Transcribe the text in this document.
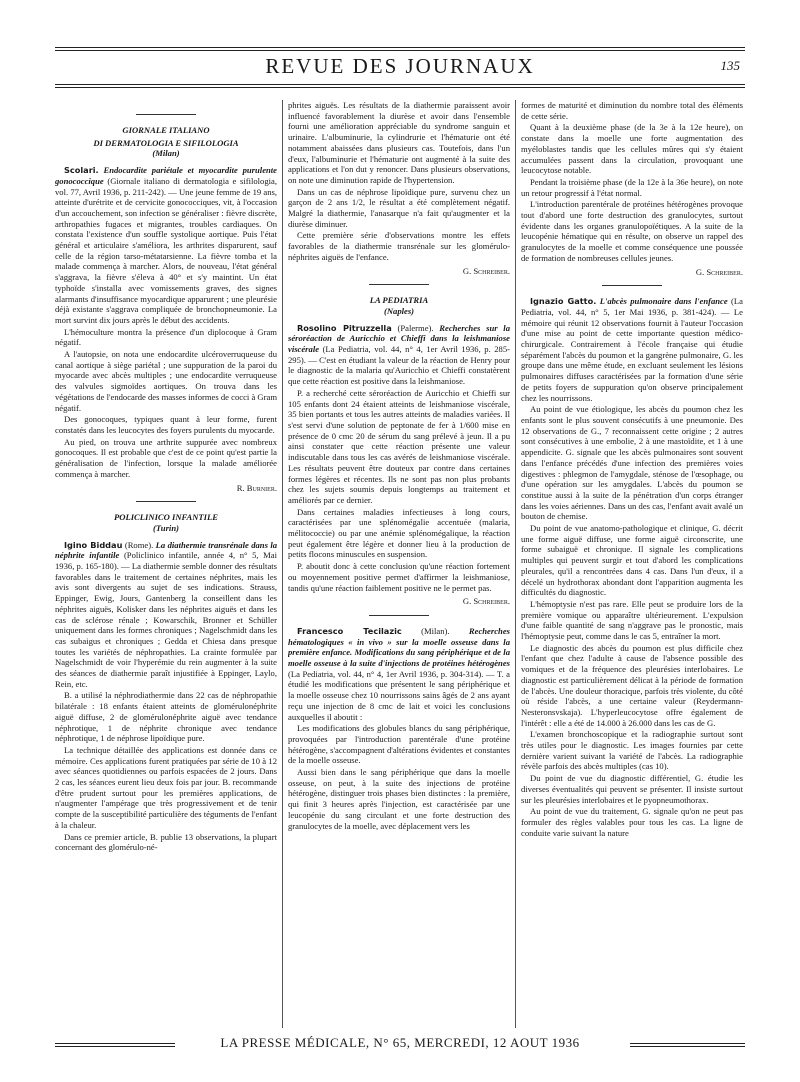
REVUE DES JOURNAUX	135

GIORNALE ITALIANO

DI DERMATOLOGIA E SIFILOLOGIA

(Milan)

Scolari. Endocardite pariétale et myocardite purulente gonococcique (Giornale italiano di dermatologia e sifilologia, vol. 77, Avril 1936, p. 211-242). — Une jeune femme de 19 ans, atteinte d'urétrite et de cervicite gonococciques, vit, à l'occasion d'un accouchement, son infection se généraliser : fièvre discrète, arthropathies fugaces et migrantes, troubles cardiaques. On constata l'existence d'un souffle systolique aortique. Puis l'état général et articulaire s'améliora, les arthrites disparurent, sauf celle de la région tarso-métatarsienne. La fièvre tomba et la malade commença à marcher. Alors, de nouveau, l'état général s'aggrava, la fièvre s'éleva à 40° et s'y maintint. Un état typhoïde s'installa avec vomissements graves, des signes alarmants d'insuffisance myocardique apparurent ; une pleurésie déjà existante s'aggrava compliquée de bronchopneumonie. La mort survint dix jours après le début des accidents.

L'hémoculture montra la présence d'un diplocoque à Gram négatif.

A l'autopsie, on nota une endocardite ulcéroverruqueuse du canal aortique à siège pariétal ; une suppuration de la paroi du myocarde avec abcès multiples ; une endocardite verruqueuse des valvules sigmoïdes aortiques. On trouva dans les végétations de l'endocarde des masses informes de cocci à Gram négatif.

Des gonocoques, typiques quant à leur forme, furent constatés dans les leucocytes des foyers purulents du myocarde.

Au pied, on trouva une arthrite suppurée avec nombreux gonocoques. Il est probable que c'est de ce point qu'est partie la généralisation de l'infection, lorsque la malade améliorée commença à marcher.

R. Burnier.

POLICLINICO INFANTILE

(Turin)

Igino Biddau (Rome). La diathermie transrénale dans la néphrite infantile (Policlinico infantile, année 4, n° 5, Mai 1936, p. 165-180). — La diathermie semble donner des résultats favorables dans le traitement de certaines néphrites, mais les avis sont divergents au sujet de ses indications. Strauss, Eppinger, Ewig, Jours, Gantenberg la conseillent dans les néphrites aiguës, Kolisker dans les néphrites aiguës et dans les cas de sclérose rénale ; Kowarschik, Bronner et Schüller uniquement dans les formes chroniques ; Nagelschmidt dans les cas subaigus et chroniques ; Gedda et Chiesa dans presque toutes les variétés de néphropathies. La crainte formulée par Nagelschmidt de voir l'hyperémie du rein augmenter à la suite des séances de diathermie paraît injustifiée à Eppinger, Laylo, Rein, etc.

B. a utilisé la néphrodiathermie dans 22 cas de néphropathie bilatérale : 18 enfants étaient atteints de glomérulonéphrite aiguë diffuse, 2 de glomérulonéphrite aiguë avec tendance néphrotique, 1 de néphrite chronique avec tendance néphrotique, 1 de néphrose lipoïdique pure.

La technique détaillée des applications est donnée dans ce mémoire. Ces applications furent pratiquées par série de 10 à 12 avec séances quotidiennes ou parfois espacées de 2 jours. Dans 2 cas, les séances eurent lieu deux fois par jour. B. recommande d'être prudent surtout pour les premières applications, de n'augmenter l'ampérage que très progressivement et de tenir compte de la susceptibilité particulière des téguments de l'enfant à la chaleur.

Dans ce premier article, B. publie 13 observations, la plupart concernant des glomérulo-né-

phrites aiguës. Les résultats de la diathermie paraissent avoir influencé favorablement la diurèse et avoir dans l'ensemble fourni une amélioration appréciable du syndrome sanguin et urinaire. L'albuminurie, la cylindrurie et l'hématurie ont été notamment abaissées dans plusieurs cas. Toutefois, dans l'un d'eux, l'albuminurie et l'hématurie ont augmenté à la suite des applications et l'on dut y renoncer. Dans plusieurs observations, on note une diminution rapide de l'hypertension.

Dans un cas de néphrose lipoïdique pure, survenu chez un garçon de 2 ans 1/2, le résultat a été complètement négatif. Malgré la diathermie, l'anasarque n'a fait qu'augmenter et la diurèse diminuer.

Cette première série d'observations montre les effets favorables de la diathermie transrénale sur les glomérulo-néphrites aiguës de l'enfance.

G. Schreiber.

LA PEDIATRIA

(Naples)

Rosolino Pitruzzella (Palerme). Recherches sur la séroréaction de Auricchio et Chieffi dans la leishmaniose viscérale (La Pediatria, vol. 44, n° 4, 1er Avril 1936, p. 285-295). — C'est en étudiant la valeur de la réaction de Henry pour le diagnostic de la malaria qu'Auricchio et Chieffi constatèrent que cette réaction est positive dans la leishmaniose.

P. a recherché cette séroréaction de Auricchio et Chieffi sur 105 enfants dont 24 étaient atteints de leishmaniose viscérale, 35 bien portants et tous les autres atteints de maladies variées. Il s'est servi d'une solution de peptonate de fer à 1/600 mise en présence de 0 cmc 20 de sérum du sang prélevé à jeun. Il a pu ainsi constater que cette réaction présente une valeur indiscutable dans tous les cas avérés de leishmaniose viscérale. Les résultats peuvent être douteux par contre dans certaines formes légères et récentes. Ils ne sont pas non plus probants chez les sujets soumis depuis longtemps au traitement et améliorés par ce dernier.

Dans certaines maladies infectieuses à long cours, caractérisées par une splénomégalie accentuée (malaria, mélitococcie) ou par une anémie splénomégalique, la réaction peut également être légère et donner lieu à la production de petits flocons minuscules en suspension.

P. aboutit donc à cette conclusion qu'une réaction fortement ou moyennement positive permet d'affirmer la leishmaniose, tandis qu'une réaction faiblement positive ne le permet pas.

G. Schreiber.

Francesco Tecilazic (Milan). Recherches hématologiques « in vivo » sur la moelle osseuse dans la première enfance. Modifications du sang périphérique et de la moelle osseuse à la suite d'injections de protéines hétérogènes (La Pediatria, vol. 44, n° 4, 1er Avril 1936, p. 304-314). — T. a étudié les modifications que présentent le sang périphérique et la moelle osseuse chez 10 nourrissons sains âgés de 2 ans ayant reçu une injection de 8 cmc de lait et voici les conclusions auxquelles il aboutit :

Les modifications des globules blancs du sang périphérique, provoquées par l'introduction parentérale d'une protéine hétérogène, s'accompagnent d'altérations évidentes et constantes de la moelle osseuse.

Aussi bien dans le sang périphérique que dans la moelle osseuse, on peut, à la suite des injections de protéine hétérogène, distinguer trois phases bien distinctes : la première, qui finit 3 heures après l'injection, est caractérisée par une leucopénie du sang circulant et une forte destruction des granulocytes de la moelle, avec déplacement vers les

formes de maturité et diminution du nombre total des éléments de cette série.

Quant à la deuxième phase (de la 3e à la 12e heure), on constate dans la moelle une forte augmentation des myéloblastes tandis que les cellules mûres qui s'y étaient accumulées passent dans la circulation, provoquant une leucocytose notable.

Pendant la troisième phase (de la 12e à la 36e heure), on note un retour progressif à l'état normal.

L'introduction parentérale de protéines hétérogènes provoque tout d'abord une forte destruction des granulocytes, surtout évidente dans les organes granulopoïétiques. A la suite de la leucopénie hématique qui en résulte, on observe un rappel des granulocytes de la moelle et comme conséquence une poussée de formation de nombreuses cellules jeunes.

G. Schreiber.

Ignazio Gatto. L'abcès pulmonaire dans l'enfance (La Pediatria, vol. 44, n° 5, 1er Mai 1936, p. 381-424). — Le mémoire qui réunit 12 observations fournit à l'auteur l'occasion d'une mise au point de cette importante question médico-chirurgicale. Contrairement à l'école française qui étudie séparément l'abcès du poumon et la gangrène pulmonaire, G. les groupe dans une même étude, en excluant seulement les lésions pulmonaires diffuses caractérisées par la formation d'une série de petits foyers de suppuration qu'on observe principalement chez les nourrissons.

Au point de vue étiologique, les abcès du poumon chez les enfants sont le plus souvent consécutifs à une pneumonie. Des 12 observations de G., 7 reconnaissent cette origine ; 2 autres sont consécutives à une embolie, 2 à une mastoïdite, et 1 à une appendicite. G. signale que les abcès pulmonaires sont souvent dans l'enfance précédés d'une infection des premières voies digestives : phlegmon de l'amygdale, sténose de l'œsophage, ou d'une opération sur les amygdales. L'abcès du poumon se constitue aussi à la suite de la pénétration d'un corps étranger dans les voies aériennes. Dans un des cas, l'enfant avait avalé un bouton de chemise.

Du point de vue anatomo-pathologique et clinique, G. décrit une forme aiguë diffuse, une forme aiguë circonscrite, une forme subaiguë et chronique. Il signale les complications multiples qui peuvent surgir et tout d'abord les complications pleurales, qu'il a rencontrées dans 4 cas. Dans l'un d'eux, il a décelé un hydrothorax abondant dont l'apparition augmenta les difficultés du diagnostic.

L'hémoptysie n'est pas rare. Elle peut se produire lors de la première vomique ou apparaître ultérieurement. L'expulsion d'une faible quantité de sang n'aggrave pas le pronostic, mais l'hémoptysie peut, comme dans le cas 5, entraîner la mort.

Le diagnostic des abcès du poumon est plus difficile chez l'enfant que chez l'adulte à cause de l'absence possible des vomiques et de la fréquence des pleurésies interlobaires. Le diagnostic est particulièrement délicat à la période de formation de l'abcès. Une douleur thoracique, parfois très violente, du côté où réside l'abcès, a une certaine valeur (Reydermann-Nesteronsvskaja). L'hyperleucocytose offre également de l'intérêt : elle a été de 14.000 à 26.000 dans les cas de G.

L'examen bronchoscopique et la radiographie surtout sont très utiles pour le diagnostic. Les images fournies par cette dernière varient suivant la variété de l'abcès. La radiographie révèle parfois des abcès multiples (cas 10).

Du point de vue du diagnostic différentiel, G. étudie les diverses éventualités qui peuvent se présenter. Il insiste surtout sur les pleurésies interlobaires et le pyopneumothorax.

Au point de vue du traitement, G. signale qu'on ne peut pas formuler des règles valables pour tous les cas. La ligne de conduite varie suivant la nature

LA PRESSE MÉDICALE, N° 65, MERCREDI, 12 AOUT 1936
